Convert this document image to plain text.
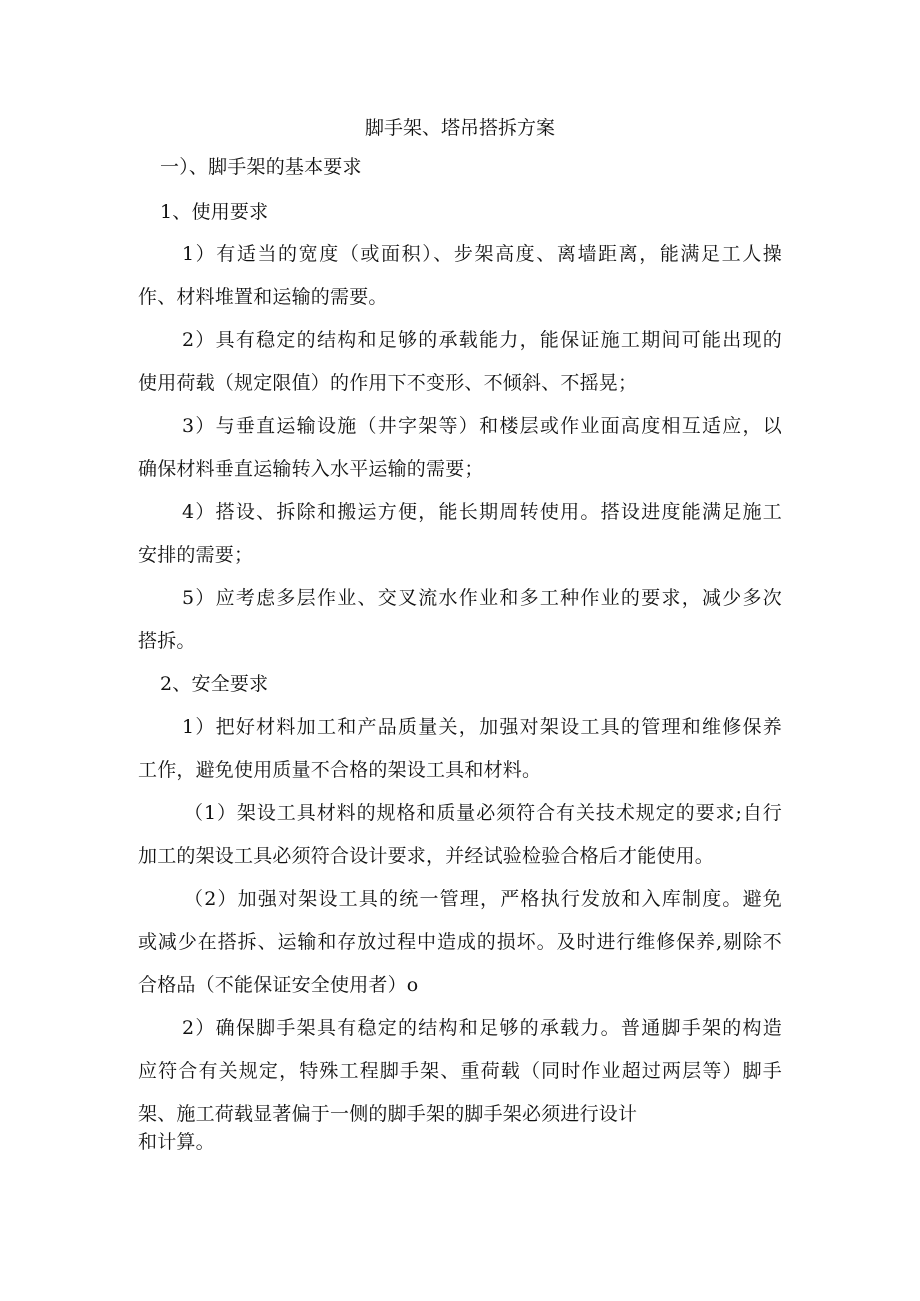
脚手架、塔吊搭拆方案
一）、脚手架的基本要求
1、使用要求
1）有适当的宽度（或面积）、步架高度、离墙距离，能满足工人操
作、材料堆置和运输的需要。
2）具有稳定的结构和足够的承载能力，能保证施工期间可能出现的
使用荷载（规定限值）的作用下不变形、不倾斜、不摇晃；
3）与垂直运输设施（井字架等）和楼层或作业面高度相互适应，以
确保材料垂直运输转入水平运输的需要；
4）搭设、拆除和搬运方便，能长期周转使用。搭设进度能满足施工
安排的需要；
5）应考虑多层作业、交叉流水作业和多工种作业的要求，减少多次
搭拆。
2、安全要求
1）把好材料加工和产品质量关，加强对架设工具的管理和维修保养
工作，避免使用质量不合格的架设工具和材料。
（1）架设工具材料的规格和质量必须符合有关技术规定的要求;自行
加工的架设工具必须符合设计要求，并经试验检验合格后才能使用。
（2）加强对架设工具的统一管理，严格执行发放和入库制度。避免
或减少在搭拆、运输和存放过程中造成的损坏。及时进行维修保养,剔除不
合格品（不能保证安全使用者）o
2）确保脚手架具有稳定的结构和足够的承载力。普通脚手架的构造
应符合有关规定，特殊工程脚手架、重荷载（同时作业超过两层等）脚手
架、施工荷载显著偏于一侧的脚手架的脚手架必须进行设计
和计算。
